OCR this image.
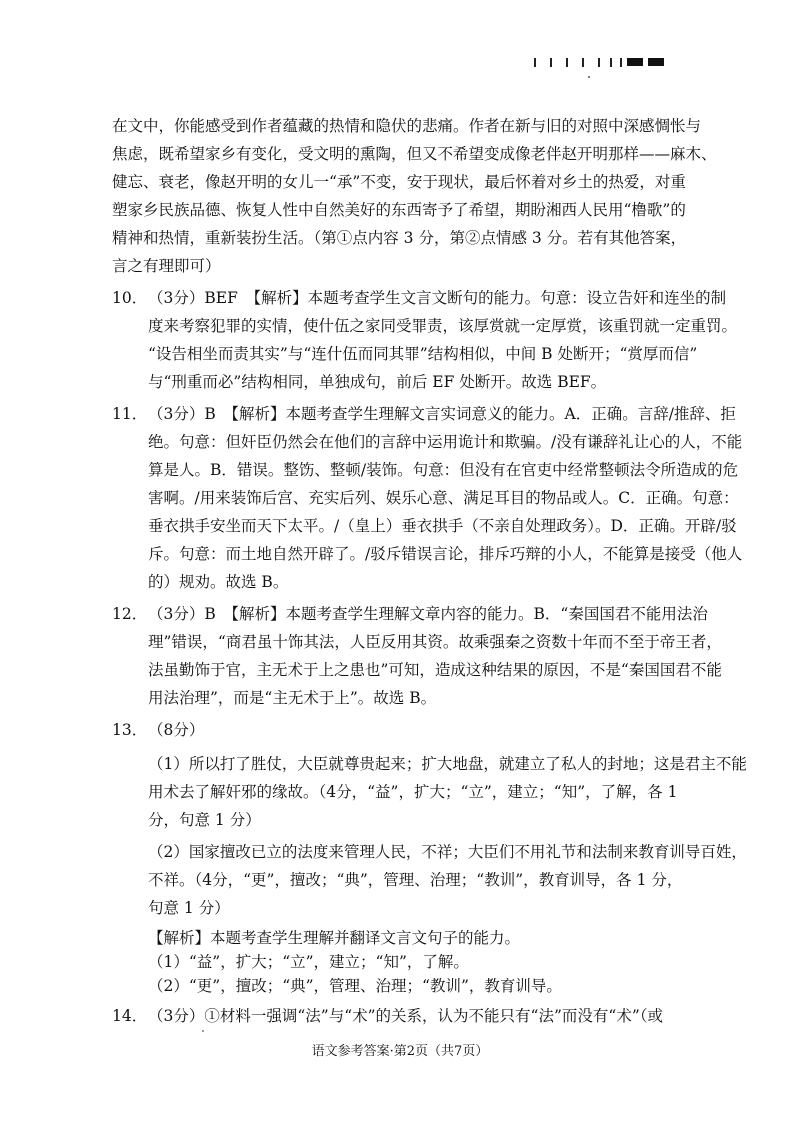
在文中，你能感受到作者蕴藏的热情和隐伏的悲痛。作者在新与旧的对照中深感惆怅与
焦虑，既希望家乡有变化，受文明的熏陶，但又不希望变成像老伴赵开明那样——麻木、
健忘、衰老，像赵开明的女儿一“承”不变，安于现状，最后怀着对乡土的热爱，对重
塑家乡民族品德、恢复人性中自然美好的东西寄予了希望，期盼湘西人民用“橹歌”的
精神和热情，重新装扮生活。（第①点内容 3 分，第②点情感 3 分。若有其他答案，
言之有理即可）
10． （3分）BEF　【解析】本题考查学生文言文断句的能力。句意：设立告奸和连坐的制
度来考察犯罪的实情，使什伍之家同受罪责，该厚赏就一定厚赏，该重罚就一定重罚。
“设告相坐而责其实”与“连什伍而同其罪”结构相似，中间 B 处断开；“赏厚而信”
与“刑重而必”结构相同，单独成句，前后 EF 处断开。故选 BEF。
11． （3分）B　【解析】本题考查学生理解文言实词意义的能力。A．正确。言辞/推辞、拒
绝。句意：但奸臣仍然会在他们的言辞中运用诡计和欺骗。/没有谦辞礼让心的人，不能
算是人。B．错误。整饬、整顿/装饰。句意：但没有在官吏中经常整顿法令所造成的危
害啊。/用来装饰后宫、充实后列、娱乐心意、满足耳目的物品或人。C．正确。句意：
垂衣拱手安坐而天下太平。/（皇上）垂衣拱手（不亲自处理政务）。D．正确。开辟/驳
斥。句意：而土地自然开辟了。/驳斥错误言论，排斥巧辩的小人，不能算是接受（他人
的）规劝。故选 B。
12． （3分）B　【解析】本题考查学生理解文章内容的能力。B．“秦国国君不能用法治
理”错误，“商君虽十饰其法，人臣反用其资。故乘强秦之资数十年而不至于帝王者，
法虽勤饰于官，主无术于上之患也”可知，造成这种结果的原因，不是“秦国国君不能
用法治理”，而是“主无术于上”。故选 B。
13． （8分）
（1）所以打了胜仗，大臣就尊贵起来；扩大地盘，就建立了私人的封地；这是君主不能
用术去了解奸邪的缘故。（4分，“益”，扩大；“立”，建立；“知”，了解，各 1
分，句意 1 分）
（2）国家擅改已立的法度来管理人民，不祥；大臣们不用礼节和法制来教育训导百姓，
不祥。（4分，“更”，擅改；“典”，管理、治理；“教训”，教育训导，各 1 分，
句意 1 分）
【解析】本题考查学生理解并翻译文言文句子的能力。
（1）“益”，扩大；“立”，建立；“知”，了解。
（2）“更”，擅改；“典”，管理、治理；“教训”，教育训导。
14． （3分）①材料一强调“法”与“术”的关系，认为不能只有“法”而没有“术”（或
语文参考答案·第2页（共7页）
